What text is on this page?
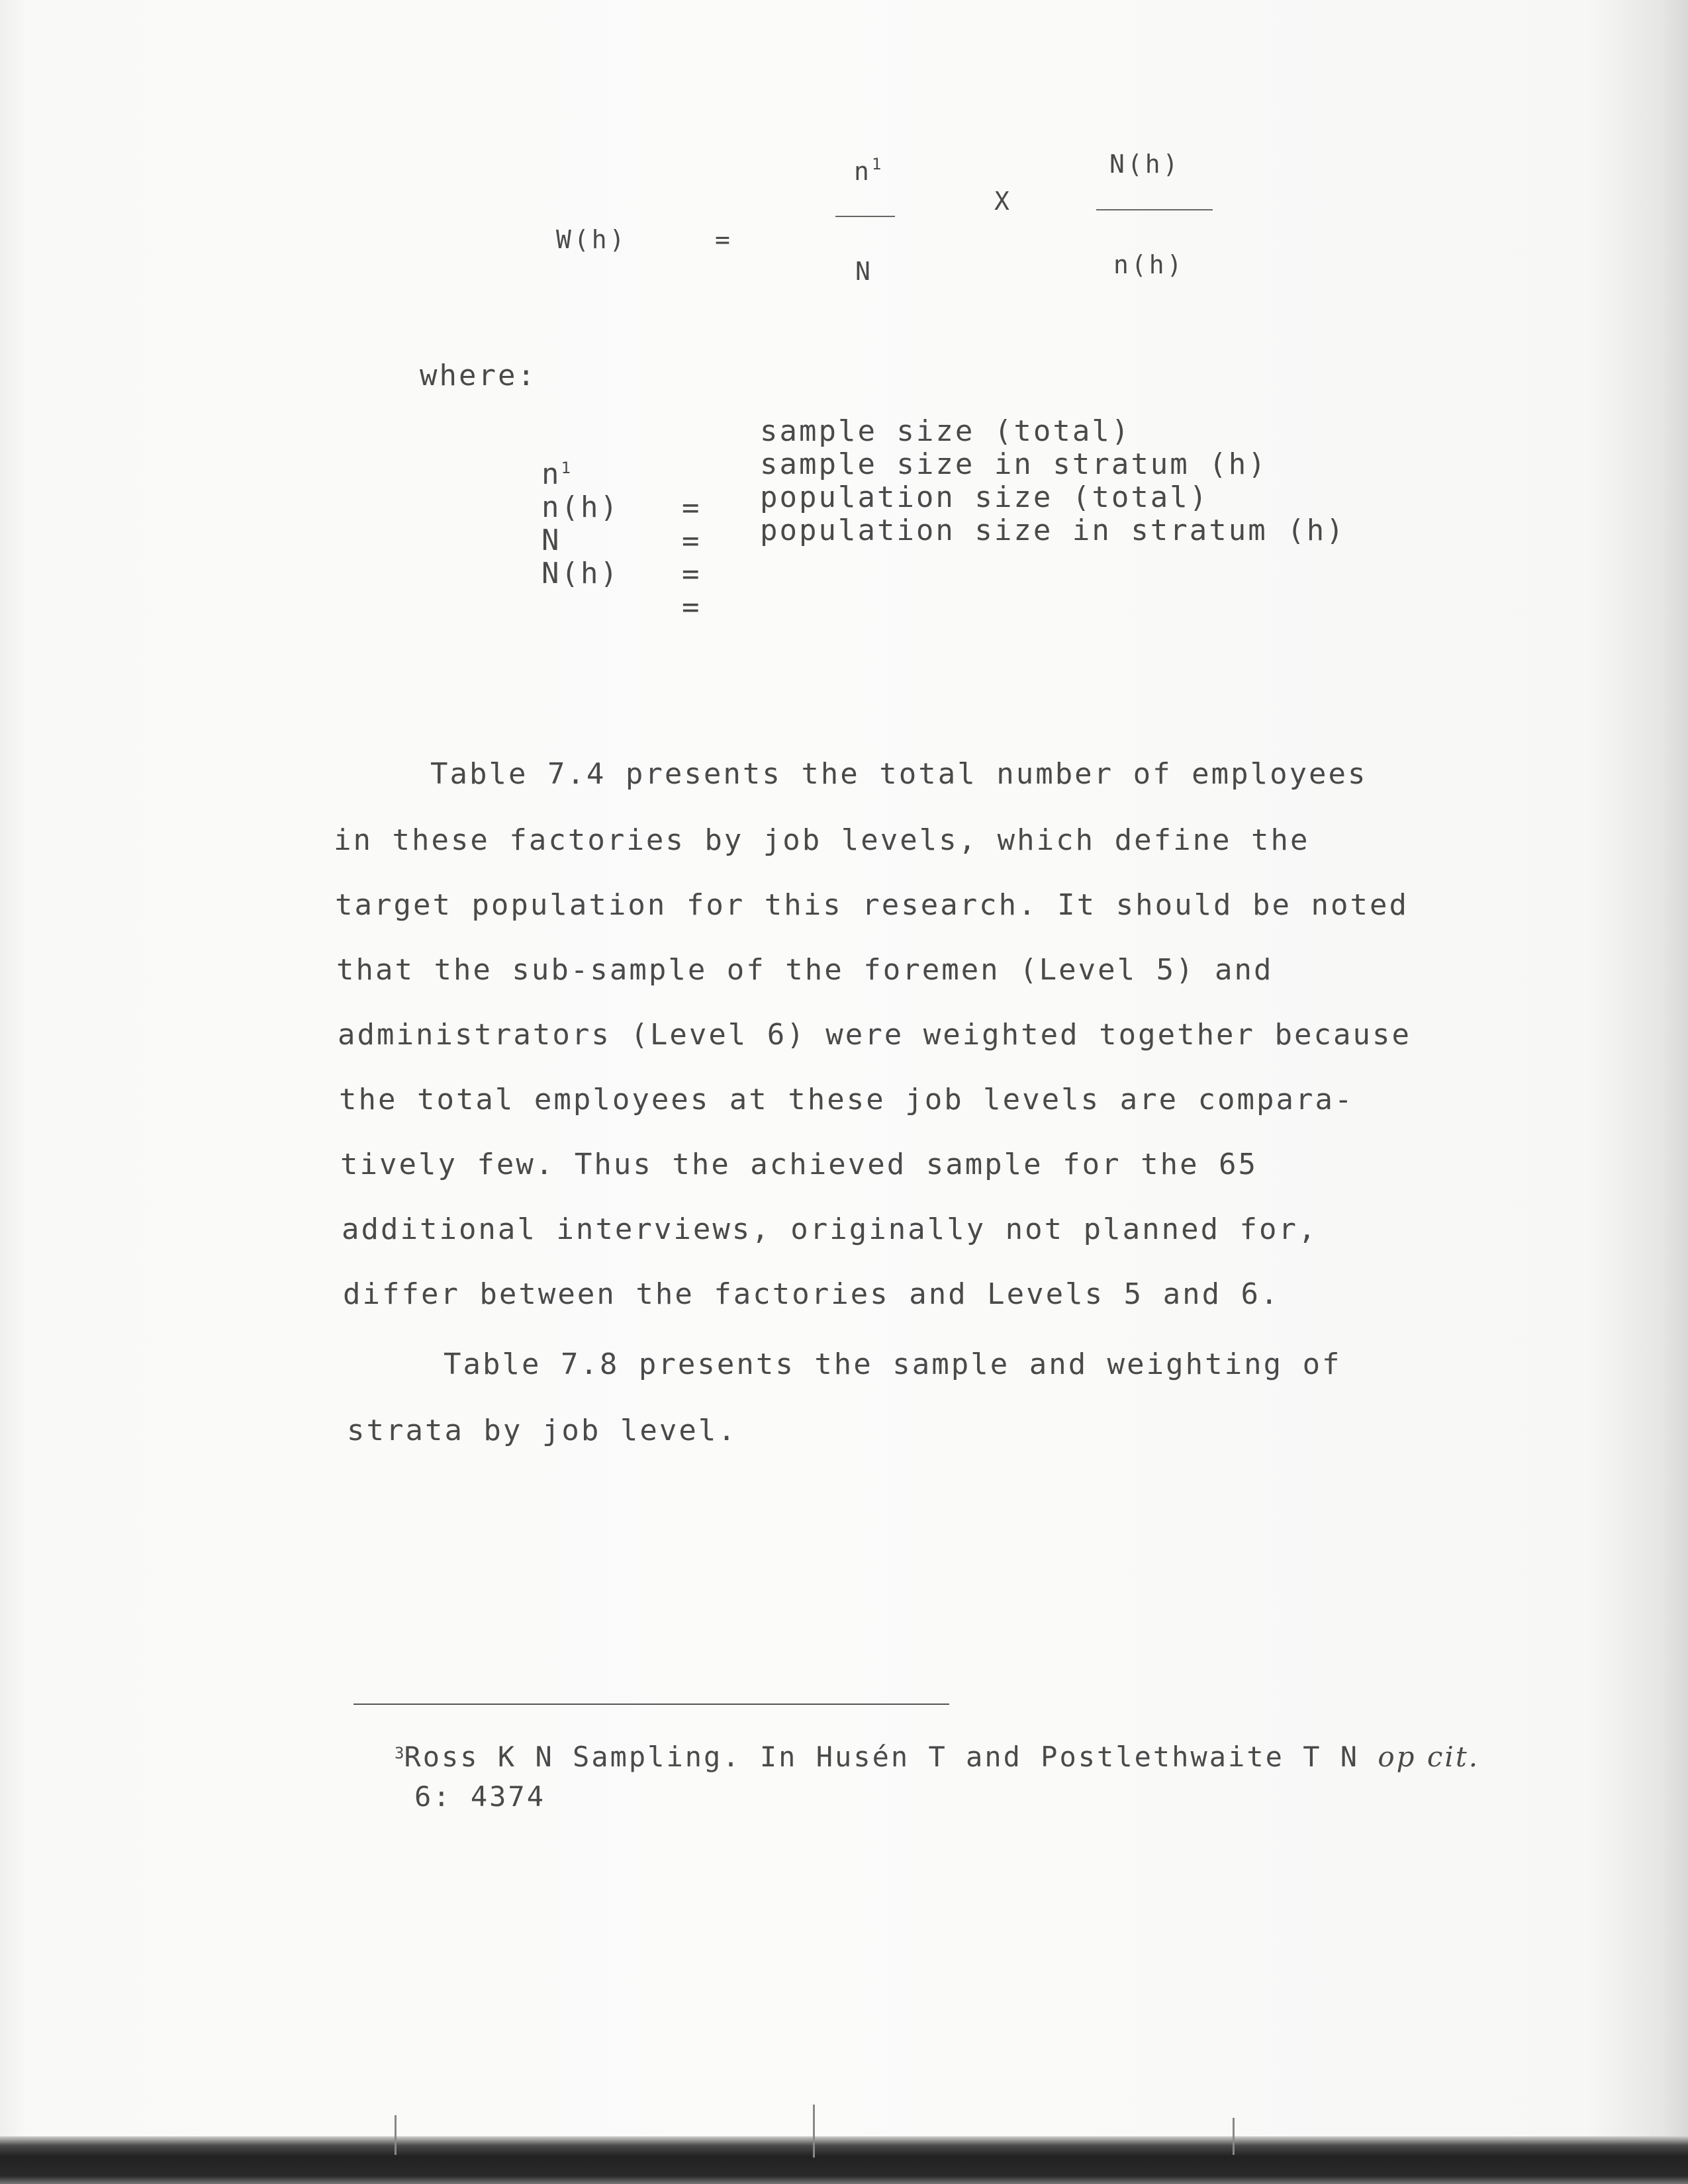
W(h)	=
$n^1$
N
X
N(h)
n(h)
where:

$n^1$

=

sample size (total)

n(h)

=

sample size in stratum (h)

N

=

population size (total)

N(h)

=

population size in stratum (h)

Table 7.4 presents the total number of employees
in these factories by job levels, which define the
target population for this research. It should be noted
that the sub-sample of the foremen (Level 5) and
administrators (Level 6) were weighted together because
the total employees at these job levels are compara-
tively few. Thus the achieved sample for the 65
additional interviews, originally not planned for,
differ between the factories and Levels 5 and 6.
Table 7.8 presents the sample and weighting of
strata by job level.
$^3$Ross K N Sampling. In Husén T and Postlethwaite T N op cit.
6: 4374
